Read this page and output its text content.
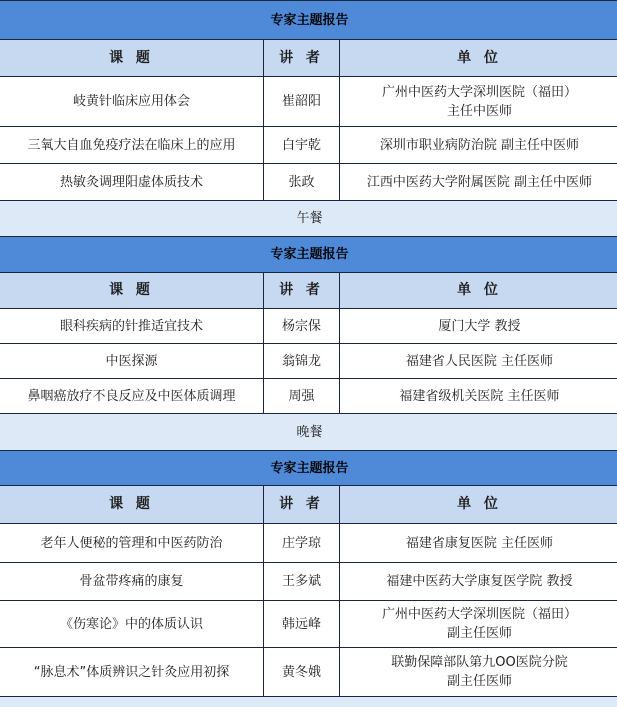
专家主题报告		
课 题	讲 者	单 位
岐黄针临床应用体会	崔韶阳	广州中医药大学深圳医院（福田）
主任中医师

三氧大自血免疫疗法在临床上的应用	白宇乾	深圳市职业病防治院 副主任中医师
热敏灸调理阳虚体质技术	张政	江西中医药大学附属医院 副主任中医师
午餐		
专家主题报告		
课 题	讲 者	单 位
眼科疾病的针推适宜技术	杨宗保	厦门大学 教授
中医探源	翁锦龙	福建省人民医院 主任医师
鼻咽癌放疗不良反应及中医体质调理	周强	福建省级机关医院 主任医师
晚餐		
专家主题报告		
课 题	讲 者	单 位
老年人便秘的管理和中医药防治	庄学琼	福建省康复医院 主任医师
骨盆带疼痛的康复	王多斌	福建中医药大学康复医学院 教授
《伤寒论》中的体质认识	韩远峰	广州中医药大学深圳医院（福田）
副主任医师

“脉息术”体质辨识之针灸应用初探	黄冬娥	联勤保障部队第九OO医院分院
副主任医师
